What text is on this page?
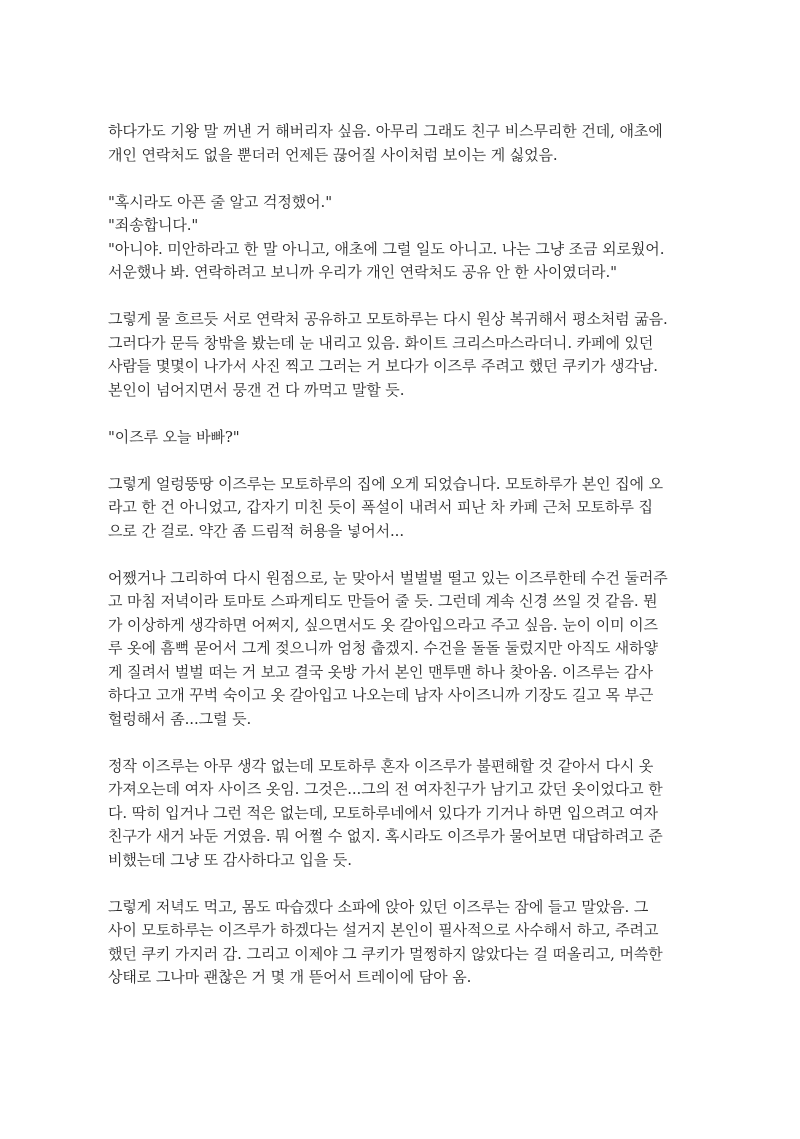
하다가도 기왕 말 꺼낸 거 해버리자 싶음. 아무리 그래도 친구 비스무리한 건데, 애초에
개인 연락처도 없을 뿐더러 언제든 끊어질 사이처럼 보이는 게 싫었음.

"혹시라도 아픈 줄 알고 걱정했어."
"죄송합니다."
"아니야. 미안하라고 한 말 아니고, 애초에 그럴 일도 아니고. 나는 그냥 조금 외로웠어.
서운했나 봐. 연락하려고 보니까 우리가 개인 연락처도 공유 안 한 사이였더라."

그렇게 물 흐르듯 서로 연락처 공유하고 모토하루는 다시 원상 복귀해서 평소처럼 굶음.
그러다가 문득 창밖을 봤는데 눈 내리고 있음. 화이트 크리스마스라더니. 카페에 있던
사람들 몇몇이 나가서 사진 찍고 그러는 거 보다가 이즈루 주려고 했던 쿠키가 생각남.
본인이 넘어지면서 뭉갠 건 다 까먹고 말할 듯.

"이즈루 오늘 바빠?"

그렇게 얼렁뚱땅 이즈루는 모토하루의 집에 오게 되었습니다. 모토하루가 본인 집에 오
라고 한 건 아니었고, 갑자기 미친 듯이 폭설이 내려서 피난 차 카페 근처 모토하루 집
으로 간 걸로. 약간 좀 드림적 허용을 넣어서...

어쨌거나 그리하여 다시 원점으로, 눈 맞아서 벌벌벌 떨고 있는 이즈루한테 수건 둘러주
고 마침 저녁이라 토마토 스파게티도 만들어 줄 듯. 그런데 계속 신경 쓰일 것 같음. 뭔
가 이상하게 생각하면 어쩌지, 싶으면서도 옷 갈아입으라고 주고 싶음. 눈이 이미 이즈
루 옷에 흠뻑 묻어서 그게 젖으니까 엄청 춥겠지. 수건을 돌돌 둘렀지만 아직도 새하얗
게 질려서 벌벌 떠는 거 보고 결국 옷방 가서 본인 맨투맨 하나 찾아옴. 이즈루는 감사
하다고 고개 꾸벅 숙이고 옷 갈아입고 나오는데 남자 사이즈니까 기장도 길고 목 부근
헐렁해서 좀...그럴 듯.

정작 이즈루는 아무 생각 없는데 모토하루 혼자 이즈루가 불편해할 것 같아서 다시 옷
가져오는데 여자 사이즈 옷임. 그것은...그의 전 여자친구가 남기고 갔던 옷이었다고 한
다. 딱히 입거나 그런 적은 없는데, 모토하루네에서 있다가 기거나 하면 입으려고 여자
친구가 새거 놔둔 거였음. 뭐 어쩔 수 없지. 혹시라도 이즈루가 물어보면 대답하려고 준
비했는데 그냥 또 감사하다고 입을 듯.

그렇게 저녁도 먹고, 몸도 따습겠다 소파에 앉아 있던 이즈루는 잠에 들고 말았음. 그
사이 모토하루는 이즈루가 하겠다는 설거지 본인이 필사적으로 사수해서 하고, 주려고
했던 쿠키 가지러 감. 그리고 이제야 그 쿠키가 멀쩡하지 않았다는 걸 떠올리고, 머쓱한
상태로 그나마 괜찮은 거 몇 개 뜯어서 트레이에 담아 옴.
